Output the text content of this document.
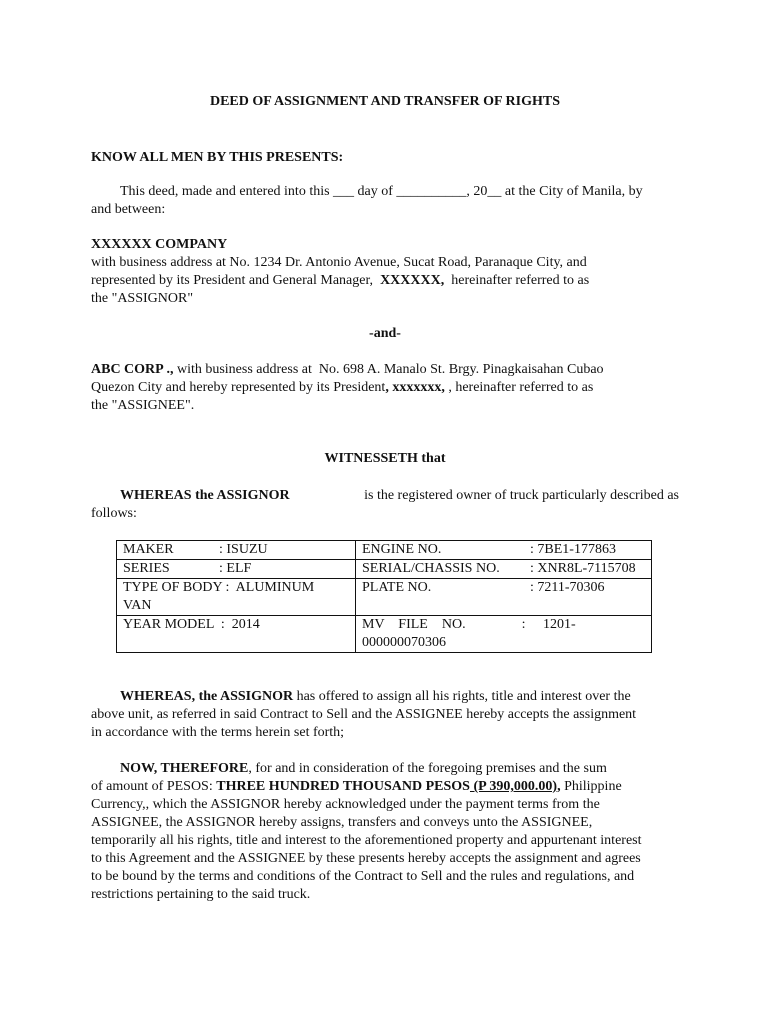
DEED OF ASSIGNMENT AND TRANSFER OF RIGHTS
KNOW ALL MEN BY THIS PRESENTS:
This deed, made and entered into this ___ day of __________, 20__ at the City of Manila, by
and between:
XXXXXX COMPANY
with business address at No. 1234 Dr. Antonio Avenue, Sucat Road, Paranaque City, and
represented by its President and General Manager,  XXXXXX,  hereinafter referred to as
the "ASSIGNOR"
-and-
ABC CORP ., with business address at  No. 698 A. Manalo St. Brgy. Pinagkaisahan Cubao
Quezon City and hereby represented by its President, xxxxxxx, , hereinafter referred to as
the "ASSIGNEE".
WITNESSETH that
WHEREAS the ASSIGNOR	is the registered owner of truck particularly described as
follows:
MAKER : ISUZU	ENGINE NO. : 7BE1-177863
SERIES : ELF	SERIAL/CHASSIS NO. : XNR8L-7115708

TYPE OF BODY :  ALUMINUM
VAN	PLATE NO. : 7211-70306

YEAR MODEL  :  2014	MV    FILE    NO.                :     1201-
000000070306
WHEREAS, the ASSIGNOR has offered to assign all his rights, title and interest over the
above unit, as referred in said Contract to Sell and the ASSIGNEE hereby accepts the assignment
in accordance with the terms herein set forth;
NOW, THEREFORE, for and in consideration of the foregoing premises and the sum
of amount of PESOS: THREE HUNDRED THOUSAND PESOS (P 390,000.00), Philippine
Currency,, which the ASSIGNOR hereby acknowledged under the payment terms from the
ASSIGNEE, the ASSIGNOR hereby assigns, transfers and conveys unto the ASSIGNEE,
temporarily all his rights, title and interest to the aforementioned property and appurtenant interest
to this Agreement and the ASSIGNEE by these presents hereby accepts the assignment and agrees
to be bound by the terms and conditions of the Contract to Sell and the rules and regulations, and
restrictions pertaining to the said truck.
